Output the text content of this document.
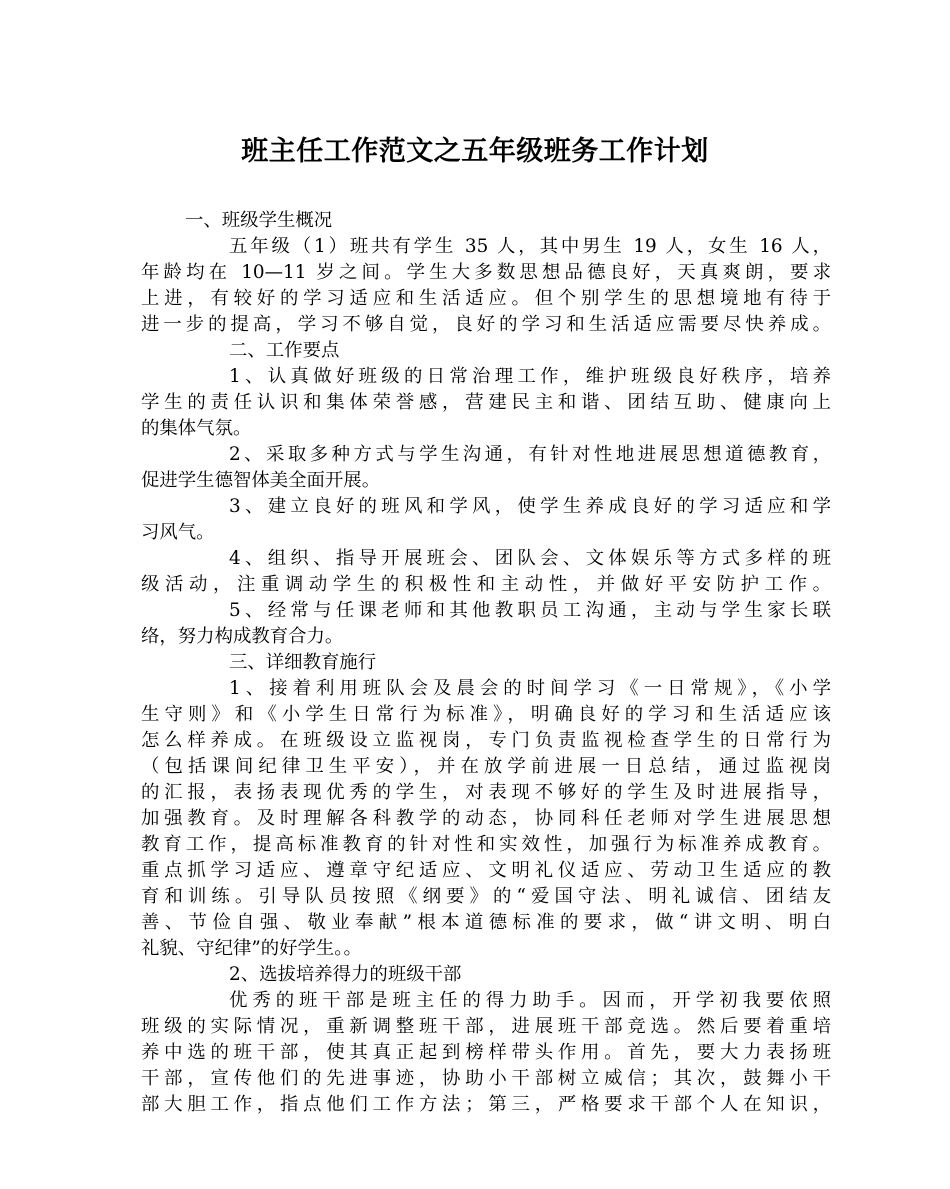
班主任工作范文之五年级班务工作计划
一、班级学生概况
五年级（1）班共有学生 35 人，其中男生 19 人，女生 16 人，
年龄均在 10—11 岁之间。学生大多数思想品德良好，天真爽朗，要求
上进，有较好的学习适应和生活适应。但个别学生的思想境地有待于
进一步的提高，学习不够自觉，良好的学习和生活适应需要尽快养成。
二、工作要点
1、认真做好班级的日常治理工作，维护班级良好秩序，培养
学生的责任认识和集体荣誉感，营建民主和谐、团结互助、健康向上
的集体气氛。
2、采取多种方式与学生沟通，有针对性地进展思想道德教育，
促进学生德智体美全面开展。
3、建立良好的班风和学风，使学生养成良好的学习适应和学
习风气。
4、组织、指导开展班会、团队会、文体娱乐等方式多样的班
级活动，注重调动学生的积极性和主动性，并做好平安防护工作。
5、经常与任课老师和其他教职员工沟通，主动与学生家长联
络，努力构成教育合力。
三、详细教育施行
1、接着利用班队会及晨会的时间学习《一日常规》，《小学
生守则》和《小学生日常行为标准》，明确良好的学习和生活适应该
怎么样养成。在班级设立监视岗，专门负责监视检查学生的日常行为
（包括课间纪律卫生平安），并在放学前进展一日总结，通过监视岗
的汇报，表扬表现优秀的学生，对表现不够好的学生及时进展指导，
加强教育。及时理解各科教学的动态，协同科任老师对学生进展思想
教育工作，提高标准教育的针对性和实效性，加强行为标准养成教育。
重点抓学习适应、遵章守纪适应、文明礼仪适应、劳动卫生适应的教
育和训练。引导队员按照《纲要》的“爱国守法、明礼诚信、团结友
善、节俭自强、敬业奉献”根本道德标准的要求，做“讲文明、明白
礼貌、守纪律”的好学生。。
2、选拔培养得力的班级干部
优秀的班干部是班主任的得力助手。因而，开学初我要依照
班级的实际情况，重新调整班干部，进展班干部竞选。然后要着重培
养中选的班干部，使其真正起到榜样带头作用。首先，要大力表扬班
干部，宣传他们的先进事迹，协助小干部树立威信；其次，鼓舞小干
部大胆工作，指点他们工作方法；第三，严格要求干部个人在知识，
